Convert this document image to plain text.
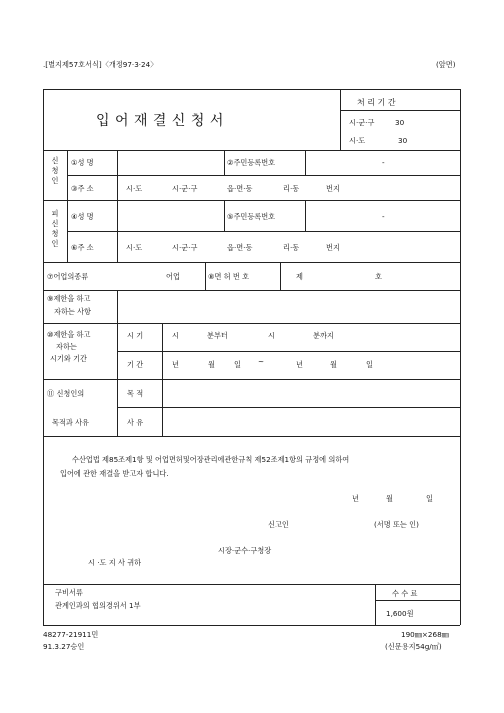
.[별지제57호서식]〈개정97·3·24〉	(앞면)
입 어 재 결 신 청 서
처 리 기 간
시·군·구	30
시·도	30
신
청
인
①성 명	②주민등록번호	-
③주 소	시·도	시·군·구	읍·면·동	리·동	번지
피
신
청
인
④성 명	⑤주민등록번호	-
⑥주 소	시·도	시·군·구	읍·면·동	리·동	번지
⑦어업의종류	어업	⑧면 허 번 호	제	호
⑨제한을 하고
자하는 사항
⑩제한을 하고
자하는
시기와 기간
시 기	시	분부터	시	분까지
기 간	년	월	일 ~	년	월	일
⑪ 신청인의	목 적
목적과 사유	사 유
수산업법 제85조제1항 및 어업면허및어장관리에관한규칙 제52조제1항의 규정에 의하여
입어에 관한 재결을 받고자 합니다.
년	월	일
신고인	(서명 또는 인)
시장·군수·구청장
시 ·도 지 사 귀하
구비서류
관계인과의 협의경위서 1부
수 수 료
1,600원
48277-21911민
91.3.27승인
190㎜×268㎜
(신문용지54g/㎡)
